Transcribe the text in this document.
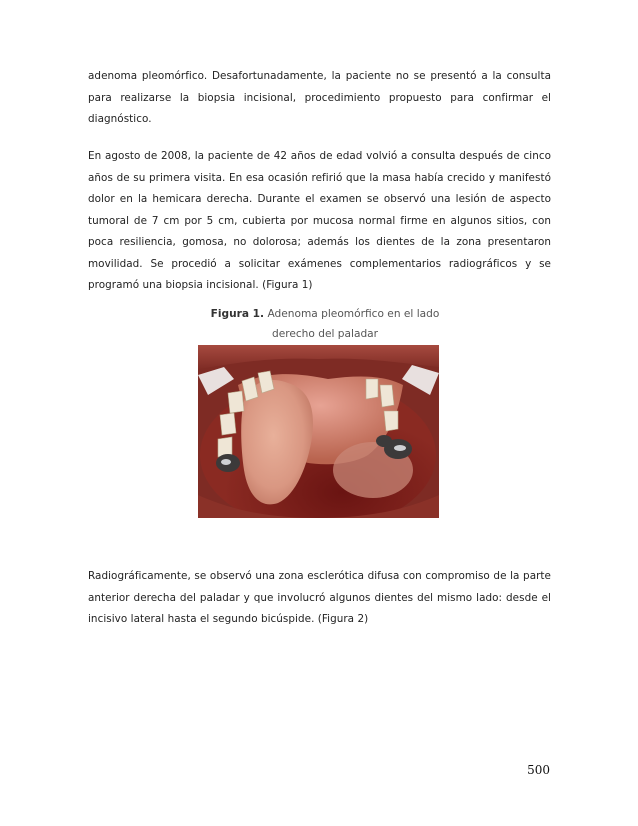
adenoma pleomórfico. Desafortunadamente, la paciente no se presentó a la consulta para realizarse la biopsia incisional, procedimiento propuesto para confirmar el diagnóstico.

En agosto de 2008, la paciente de 42 años de edad volvió a consulta después de cinco años de su primera visita. En esa ocasión refirió que la masa había crecido y manifestó dolor en la hemicara derecha. Durante el examen se observó una lesión de aspecto tumoral de 7 cm por 5 cm, cubierta por mucosa normal firme en algunos sitios, con poca resiliencia, gomosa, no dolorosa; además los dientes de la zona presentaron movilidad. Se procedió a solicitar exámenes complementarios radiográficos y se programó una biopsia incisional. (Figura 1)

Figura 1. Adenoma pleomórfico en el lado
derecho del paladar

Radiográficamente, se observó una zona esclerótica difusa con compromiso de la parte anterior derecha del paladar y que involucró algunos dientes del mismo lado: desde el incisivo lateral hasta el segundo bicúspide. (Figura 2)

500
